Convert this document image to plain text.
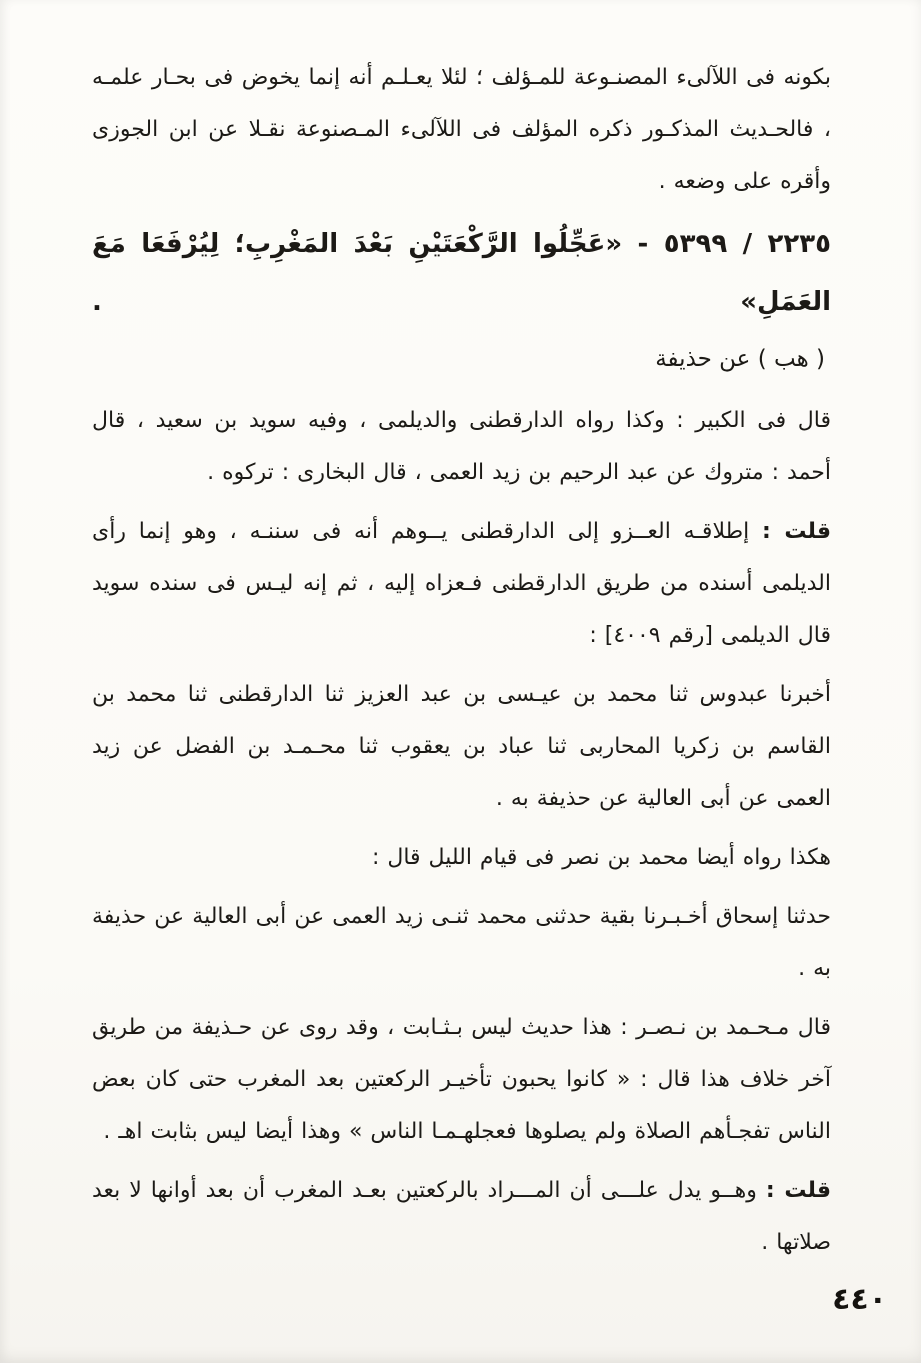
بكونه فى اللآلىء المصنـوعة للمـؤلف ؛ لئلا يعـلـم أنه إنما يخوض فى بحـار علمـه ، فالحـديث المذكـور ذكره المؤلف فى اللآلىء المـصنوعة نقـلا عن ابن الجوزى وأقره على وضعه .

٢٢٣٥ / ٥٣٩٩ - «عَجِّلُوا الرَّكْعَتَيْنِ بَعْدَ المَغْرِبِ؛ لِيُرْفَعَا مَعَ العَمَلِ» .

( هب ) عن حذيفة

قال فى الكبير : وكذا رواه الدارقطنى والديلمى ، وفيه سويد بن سعيد ، قال أحمد : متروك عن عبد الرحيم بن زيد العمى ، قال البخارى : تركوه .

قلت : إطلاقـه العــزو إلى الدارقطنى يــوهم أنه فى سننـه ، وهو إنما رأى الديلمى أسنده من طريق الدارقطنى فـعزاه إليه ، ثم إنه ليـس فى سنده سويد قال الديلمى [رقم ٤٠٠٩] :

أخبرنا عبدوس ثنا محمد بن عيـسى بن عبد العزيز ثنا الدارقطنى ثنا محمد بن القاسم بن زكريا المحاربى ثنا عباد بن يعقوب ثنا محـمـد بن الفضل عن زيد العمى عن أبى العالية عن حذيفة به .

هكذا رواه أيضا محمد بن نصر فى قيام الليل قال :

حدثنا إسحاق أخـبـرنا بقية حدثنى محمد ثنـى زيد العمى عن أبى العالية عن حذيفة به .

قال مـحـمد بن نـصـر : هذا حديث ليس بـثـابت ، وقد روى عن حـذيفة من طريق آخر خلاف هذا قال : « كانوا يحبون تأخيـر الركعتين بعد المغرب حتى كان بعض الناس تفجـأهم الصلاة ولم يصلوها فعجلهـمـا الناس » وهذا أيضا ليس بثابت اهـ .

قلت : وهــو يدل علـــى أن المـــراد بالركعتين بعـد المغرب أن بعد أوانها لا بعد صلاتها .

٤٤٠
